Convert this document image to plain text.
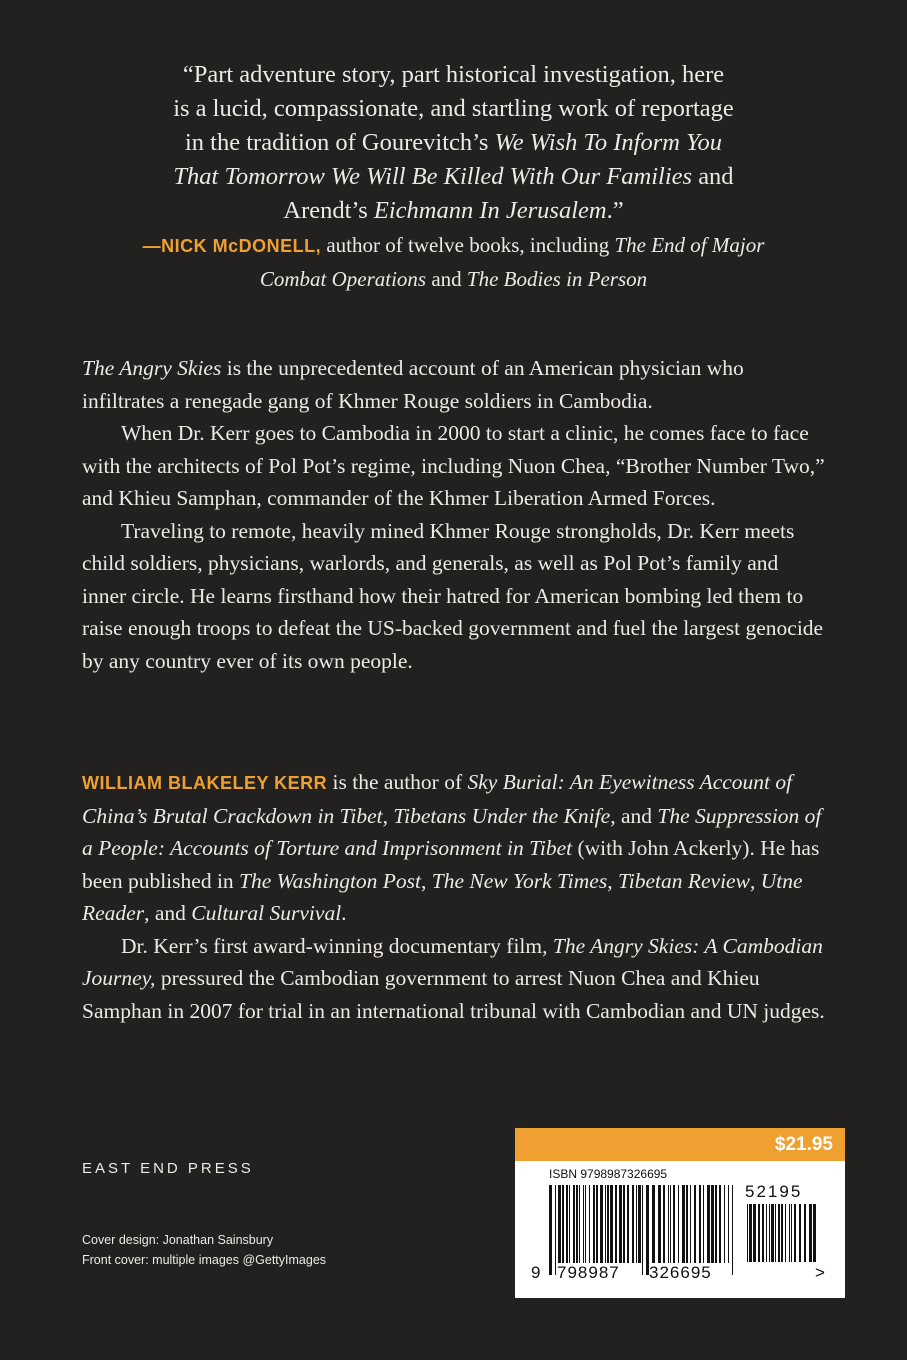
“Part adventure story, part historical investigation, here
is a lucid, compassionate, and startling work of reportage
in the tradition of Gourevitch’s We Wish To Inform You
That Tomorrow We Will Be Killed With Our Families and
Arendt’s Eichmann In Jerusalem.”
—NICK McDONELL, author of twelve books, including The End of Major
Combat Operations and The Bodies in Person

The Angry Skies is the unprecedented account of an American physician who infiltrates a renegade gang of Khmer Rouge soldiers in Cambodia.

When Dr. Kerr goes to Cambodia in 2000 to start a clinic, he comes face to face with the architects of Pol Pot’s regime, including Nuon Chea, “Brother Number Two,” and Khieu Samphan, commander of the Khmer Liberation Armed Forces.

Traveling to remote, heavily mined Khmer Rouge strongholds, Dr. Kerr meets child soldiers, physicians, warlords, and generals, as well as Pol Pot’s family and inner circle. He learns firsthand how their hatred for American bombing led them to raise enough troops to defeat the US-backed government and fuel the largest genocide by any country ever of its own people.

WILLIAM BLAKELEY KERR is the author of Sky Burial: An Eyewitness Account of China’s Brutal Crackdown in Tibet, Tibetans Under the Knife, and The Suppression of a People: Accounts of Torture and Imprisonment in Tibet (with John Ackerly). He has been published in The Washington Post, The New York Times, Tibetan Review, Utne Reader, and Cultural Survival.

Dr. Kerr’s first award-winning documentary film, The Angry Skies: A Cambodian Journey, pressured the Cambodian government to arrest Nuon Chea and Khieu Samphan in 2007 for trial in an international tribunal with Cambodian and UN judges.

EAST END PRESS
Cover design: Jonathan Sainsbury
Front cover: multiple images @GettyImages
$21.95
ISBN 9798987326695
52195
9 798987 326695	>
